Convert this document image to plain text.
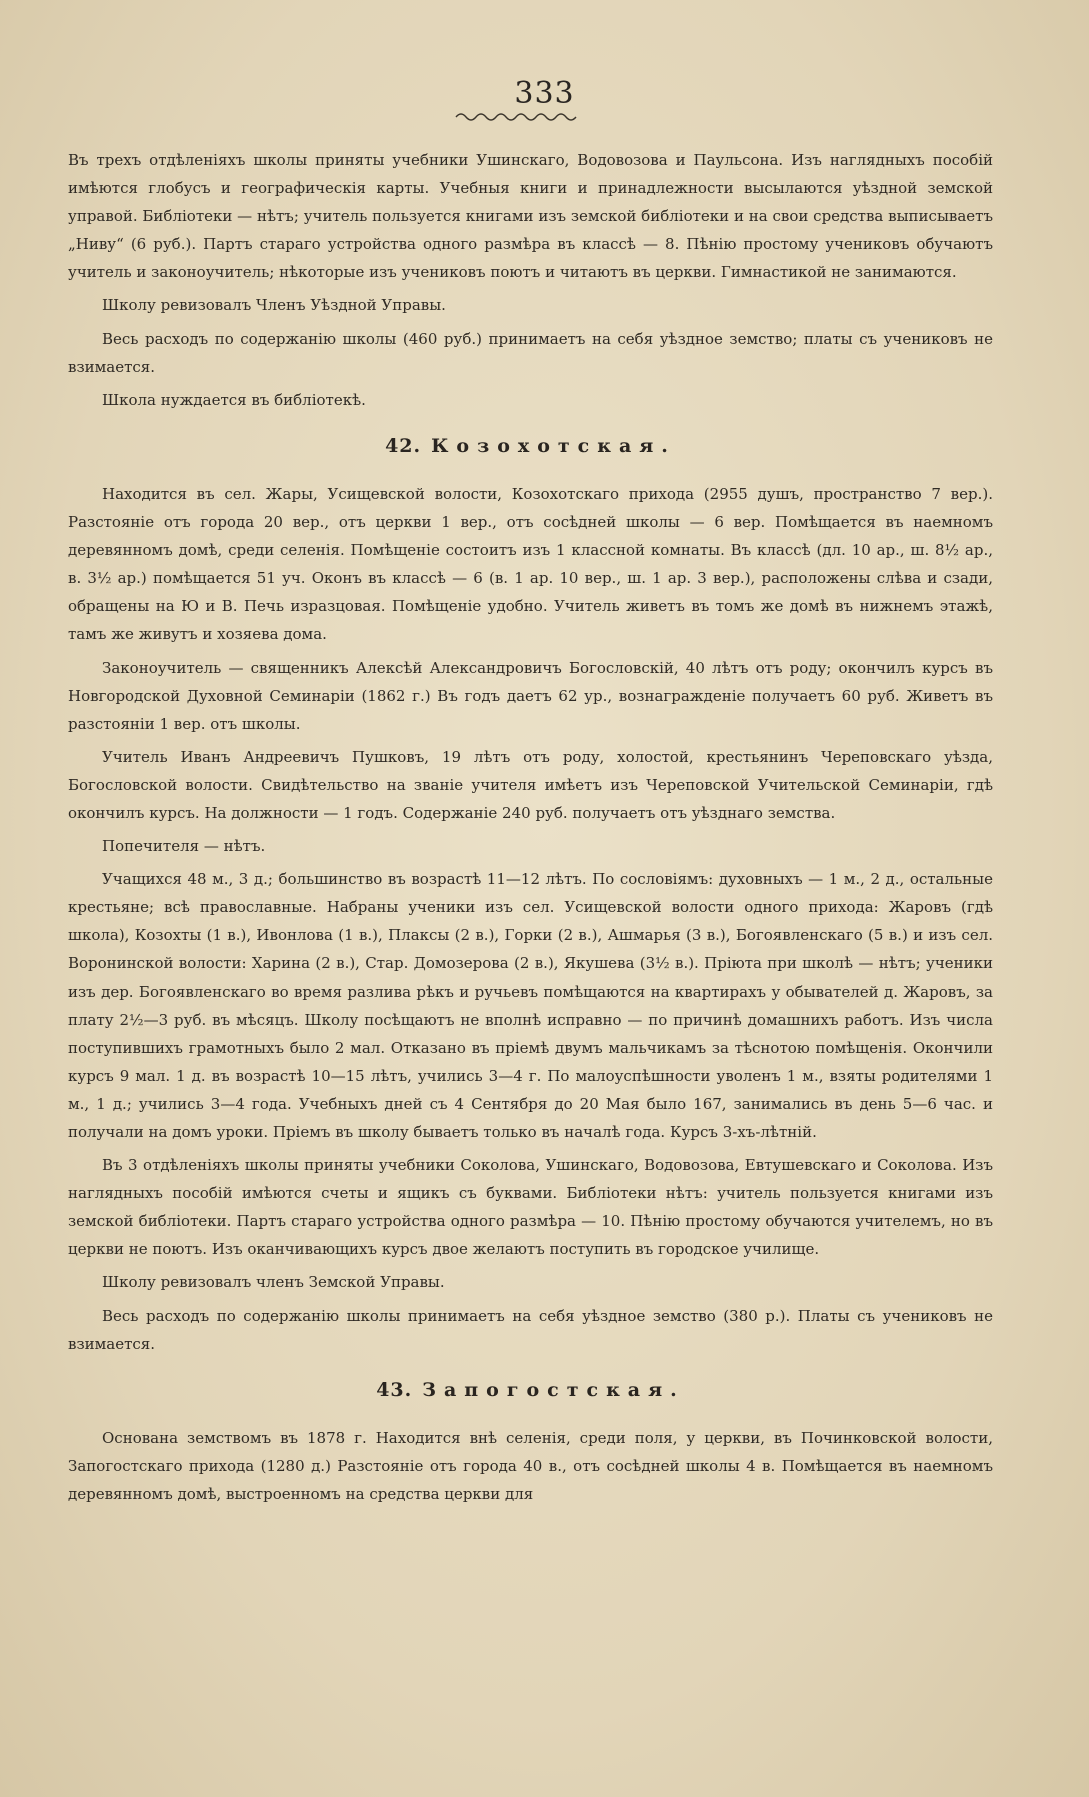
333

Въ трехъ отдѣленіяхъ школы приняты учебники Ушинскаго, Водовозова и Паульсона. Изъ наглядныхъ пособій имѣются глобусъ и географическія карты. Учебныя книги и принадлежности высылаются уѣздной земской управой. Библіотеки — нѣтъ; учитель пользуется книгами изъ земской библіотеки и на свои средства выписываетъ „Ниву“ (6 руб.). Партъ стараго устройства одного размѣра въ классѣ — 8. Пѣнію простому учениковъ обучаютъ учитель и законоучитель; нѣкоторые изъ учениковъ поютъ и читаютъ въ церкви. Гимнастикой не занимаются.

Школу ревизовалъ Членъ Уѣздной Управы.

Весь расходъ по содержанію школы (460 руб.) принимаетъ на себя уѣздное земство; платы съ учениковъ не взимается.

Школа нуждается въ библіотекѣ.

42. Козохотская.

Находится въ сел. Жары, Усищевской волости, Козохотскаго прихода (2955 душъ, пространство 7 вер.). Разстояніе отъ города 20 вер., отъ церкви 1 вер., отъ сосѣдней школы — 6 вер. Помѣщается въ наемномъ деревянномъ домѣ, среди селенія. Помѣщеніе состоитъ изъ 1 классной комнаты. Въ классѣ (дл. 10 ар., ш. 8½ ар., в. 3½ ар.) помѣщается 51 уч. Оконъ въ классѣ — 6 (в. 1 ар. 10 вер., ш. 1 ар. 3 вер.), расположены слѣва и сзади, обращены на Ю и В. Печь изразцовая. Помѣщеніе удобно. Учитель живетъ въ томъ же домѣ въ нижнемъ этажѣ, тамъ же живутъ и хозяева дома.

Законоучитель — священникъ Алексѣй Александровичъ Богословскій, 40 лѣтъ отъ роду; окончилъ курсъ въ Новгородской Духовной Семинаріи (1862 г.) Въ годъ даетъ 62 ур., вознагражденіе получаетъ 60 руб. Живетъ въ разстояніи 1 вер. отъ школы.

Учитель Иванъ Андреевичъ Пушковъ, 19 лѣтъ отъ роду, холостой, крестьянинъ Череповскаго уѣзда, Богословской волости. Свидѣтельство на званіе учителя имѣетъ изъ Череповской Учительской Семинаріи, гдѣ окончилъ курсъ. На должности — 1 годъ. Содержаніе 240 руб. получаетъ отъ уѣзднаго земства.

Попечителя — нѣтъ.

Учащихся 48 м., 3 д.; большинство въ возрастѣ 11—12 лѣтъ. По сословіямъ: духовныхъ — 1 м., 2 д., остальные крестьяне; всѣ православные. Набраны ученики изъ сел. Усищевской волости одного прихода: Жаровъ (гдѣ школа), Козохты (1 в.), Ивонлова (1 в.), Плаксы (2 в.), Горки (2 в.), Ашмарья (3 в.), Богоявленскаго (5 в.) и изъ сел. Воронинской волости: Харина (2 в.), Стар. Домозерова (2 в.), Якушева (3½ в.). Пріюта при школѣ — нѣтъ; ученики изъ дер. Богоявленскаго во время разлива рѣкъ и ручьевъ помѣщаются на квартирахъ у обывателей д. Жаровъ, за плату 2½—3 руб. въ мѣсяцъ. Школу посѣщаютъ не вполнѣ исправно — по причинѣ домашнихъ работъ. Изъ числа поступившихъ грамотныхъ было 2 мал. Отказано въ пріемѣ двумъ мальчикамъ за тѣснотою помѣщенія. Окончили курсъ 9 мал. 1 д. въ возрастѣ 10—15 лѣтъ, учились 3—4 г. По малоуспѣшности уволенъ 1 м., взяты родителями 1 м., 1 д.; учились 3—4 года. Учебныхъ дней съ 4 Сентября до 20 Мая было 167, занимались въ день 5—6 час. и получали на домъ уроки. Пріемъ въ школу бываетъ только въ началѣ года. Курсъ 3-хъ-лѣтній.

Въ 3 отдѣленіяхъ школы приняты учебники Соколова, Ушинскаго, Водовозова, Евтушевскаго и Соколова. Изъ наглядныхъ пособій имѣются счеты и ящикъ съ буквами. Библіотеки нѣтъ: учитель пользуется книгами изъ земской библіотеки. Партъ стараго устройства одного размѣра — 10. Пѣнію простому обучаются учителемъ, но въ церкви не поютъ. Изъ оканчивающихъ курсъ двое желаютъ поступить въ городское училище.

Школу ревизовалъ членъ Земской Управы.

Весь расходъ по содержанію школы принимаетъ на себя уѣздное земство (380 р.). Платы съ учениковъ не взимается.

43. Запогостская.

Основана земствомъ въ 1878 г. Находится внѣ селенія, среди поля, у церкви, въ Починковской волости, Запогостскаго прихода (1280 д.) Разстояніе отъ города 40 в., отъ сосѣдней школы 4 в. Помѣщается въ наемномъ деревянномъ домѣ, выстроенномъ на средства церкви для
